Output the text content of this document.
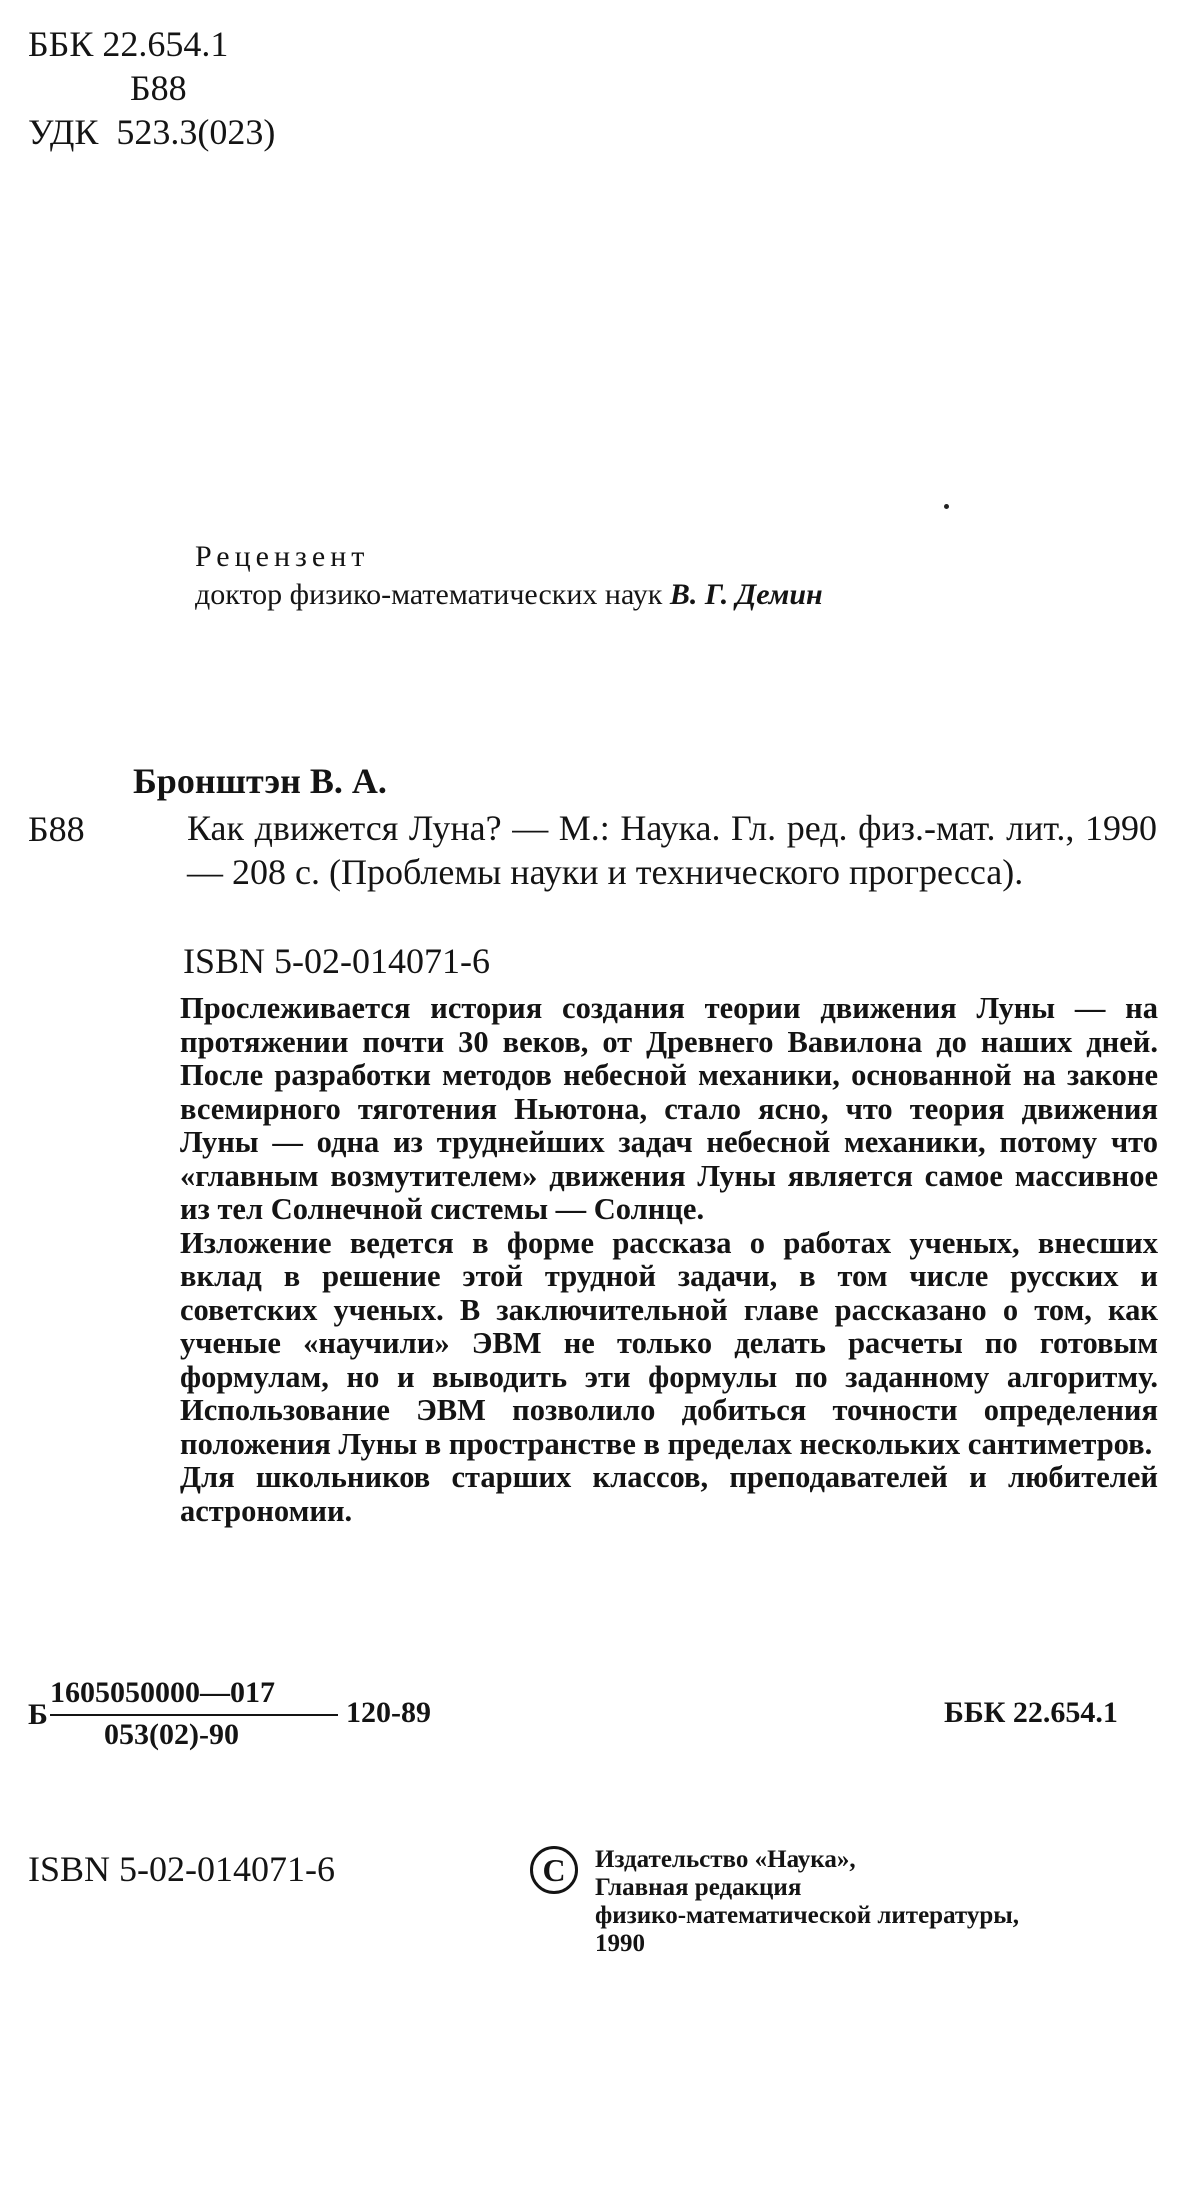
ББК 22.654.1
Б88
УДК  523.3(023)
Рецензент
доктор физико-математических наук В. Г. Демин
Бронштэн В. А.
Б88	Как движется Луна? — М.: Наука. Гл. ред. физ.-мат. лит., 1990 — 208 с. (Проблемы науки и технического прогресса).
ISBN 5-02-014071-6

Прослеживается история создания теории движения Луны — на протяжении почти 30 веков, от Древнего Вавилона до наших дней. После разработки методов небесной механики, основанной на законе всемирного тяготения Ньютона, стало ясно, что теория движения Луны — одна из труднейших задач небесной механики, потому что «главным возмутителем» движения Луны является самое массивное из тел Солнечной системы — Солнце.

Изложение ведется в форме рассказа о работах ученых, внесших вклад в решение этой трудной задачи, в том числе русских и советских ученых. В заключительной главе рассказано о том, как ученые «научили» ЭВМ не только делать расчеты по готовым формулам, но и выводить эти формулы по заданному алгоритму. Использование ЭВМ позволило добиться точности определения положения Луны в пространстве в пределах нескольких сантиметров.

Для школьников старших классов, преподавателей и любителей астрономии.

Б
1605050000—017
053(02)-90
120-89	ББК 22.654.1
ISBN 5-02-014071-6	C	Издательство «Наука»,
Главная редакция
физико-математической литературы,
1990
